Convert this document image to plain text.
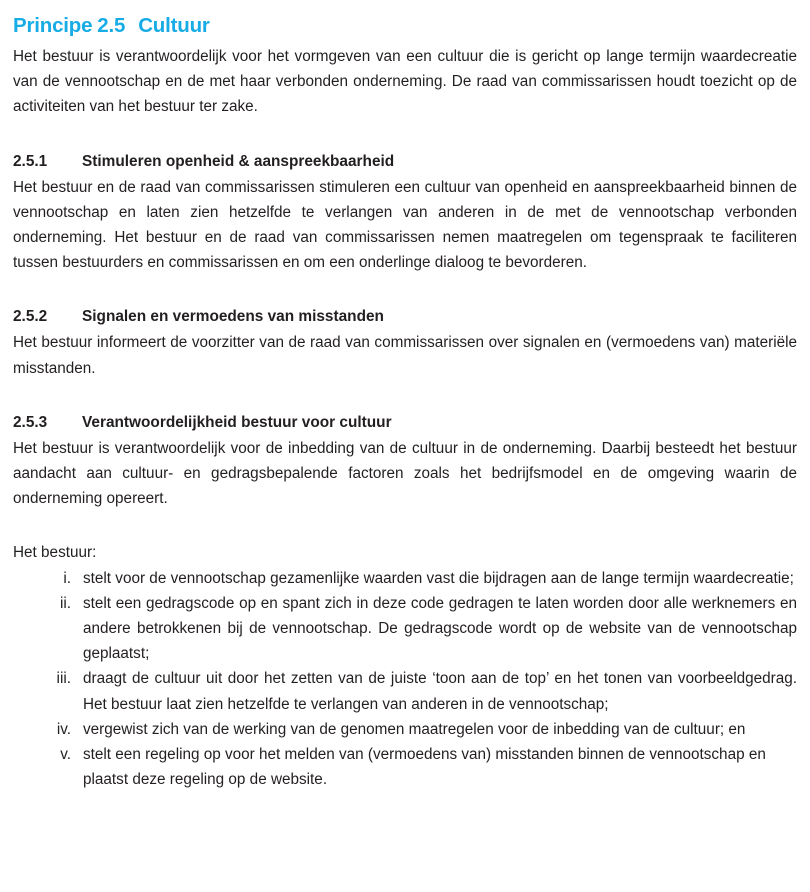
Principe 2.5 Cultuur

Het bestuur is verantwoordelijk voor het vormgeven van een cultuur die is gericht op lange termijn waardecreatie van de vennootschap en de met haar verbonden onderneming. De raad van commissarissen houdt toezicht op de activiteiten van het bestuur ter zake.

2.5.1 Stimuleren openheid & aanspreekbaarheid

Het bestuur en de raad van commissarissen stimuleren een cultuur van openheid en aanspreekbaarheid binnen de vennootschap en laten zien hetzelfde te verlangen van anderen in de met de vennootschap verbonden onderneming. Het bestuur en de raad van commissarissen nemen maatregelen om tegenspraak te faciliteren tussen bestuurders en commissarissen en om een onderlinge dialoog te bevorderen.

2.5.2 Signalen en vermoedens van misstanden

Het bestuur informeert de voorzitter van de raad van commissarissen over signalen en (vermoedens van) materiële misstanden.

2.5.3 Verantwoordelijkheid bestuur voor cultuur

Het bestuur is verantwoordelijk voor de inbedding van de cultuur in de onderneming. Daarbij besteedt het bestuur aandacht aan cultuur- en gedragsbepalende factoren zoals het bedrijfsmodel en de omgeving waarin de onderneming opereert.

Het bestuur:

i. stelt voor de vennootschap gezamenlijke waarden vast die bijdragen aan de lange termijn waardecreatie;
ii. stelt een gedragscode op en spant zich in deze code gedragen te laten worden door alle werknemers en andere betrokkenen bij de vennootschap. De gedragscode wordt op de website van de vennootschap geplaatst;
iii. draagt de cultuur uit door het zetten van de juiste ‘toon aan de top’ en het tonen van voorbeeldgedrag. Het bestuur laat zien hetzelfde te verlangen van anderen in de vennootschap;
iv. vergewist zich van de werking van de genomen maatregelen voor de inbedding van de cultuur; en
v. stelt een regeling op voor het melden van (vermoedens van) misstanden binnen de vennootschap en plaatst deze regeling op de website.
